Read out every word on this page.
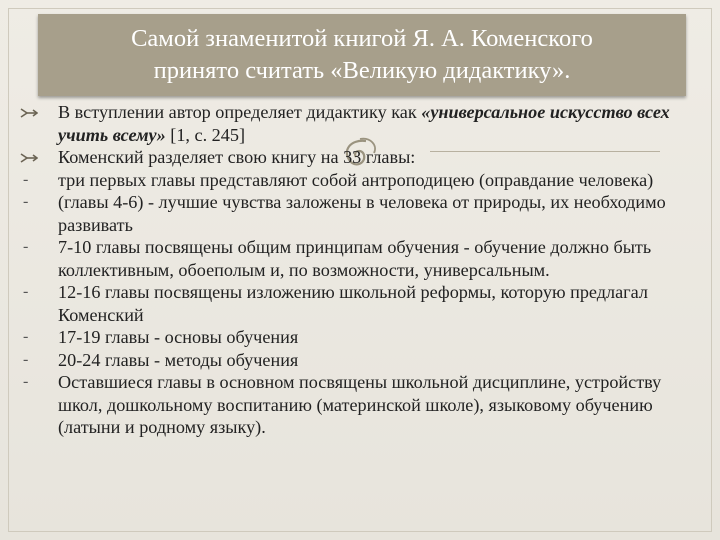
Самой знаменитой книгой Я. А. Коменского
принято считать «Великую дидактику».
В вступлении автор определяет дидактику как «универсальное искусство всех учить всему» [1, с. 245]
Коменский разделяет свою книгу на 33 главы:
-	три первых главы представляют собой антроподицею (оправдание человека)
-	(главы 4-6) - лучшие чувства заложены в человека от природы, их необходимо развивать
-	7-10 главы посвящены общим принципам обучения - обучение должно быть коллективным, обоеполым и, по возможности, универсальным.
-	12-16 главы посвящены изложению школьной реформы, которую предлагал Коменский
-	17-19 главы - основы обучения
-	20-24 главы - методы обучения
-	Оставшиеся главы в основном посвящены школьной дисциплине, устройству школ, дошкольному воспитанию (материнской школе), языковому обучению (латыни и родному языку).
